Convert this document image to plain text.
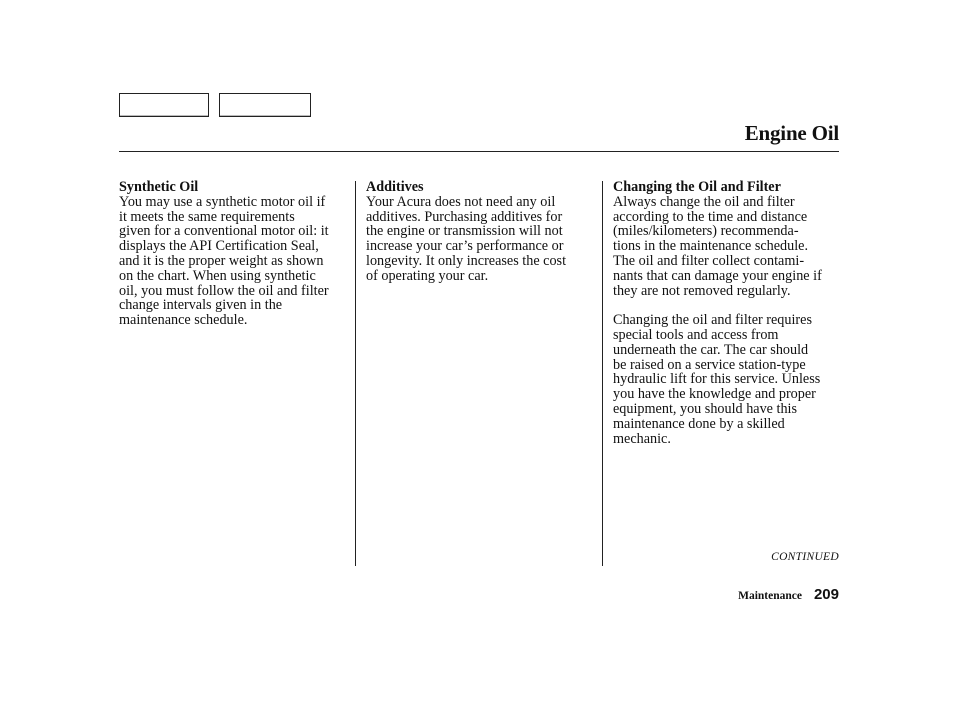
Engine Oil
Synthetic Oil
You may use a synthetic motor oil if
it meets the same requirements
given for a conventional motor oil: it
displays the API Certification Seal,
and it is the proper weight as shown
on the chart. When using synthetic
oil, you must follow the oil and filter
change intervals given in the
maintenance schedule.
Additives
Your Acura does not need any oil
additives. Purchasing additives for
the engine or transmission will not
increase your car’s performance or
longevity. It only increases the cost
of operating your car.
Changing the Oil and Filter
Always change the oil and filter
according to the time and distance
(miles/kilometers) recommenda-
tions in the maintenance schedule.
The oil and filter collect contami-
nants that can damage your engine if
they are not removed regularly.
Changing the oil and filter requires
special tools and access from
underneath the car. The car should
be raised on a service station-type
hydraulic lift for this service. Unless
you have the knowledge and proper
equipment, you should have this
maintenance done by a skilled
mechanic.
CONTINUED
Maintenance 209
